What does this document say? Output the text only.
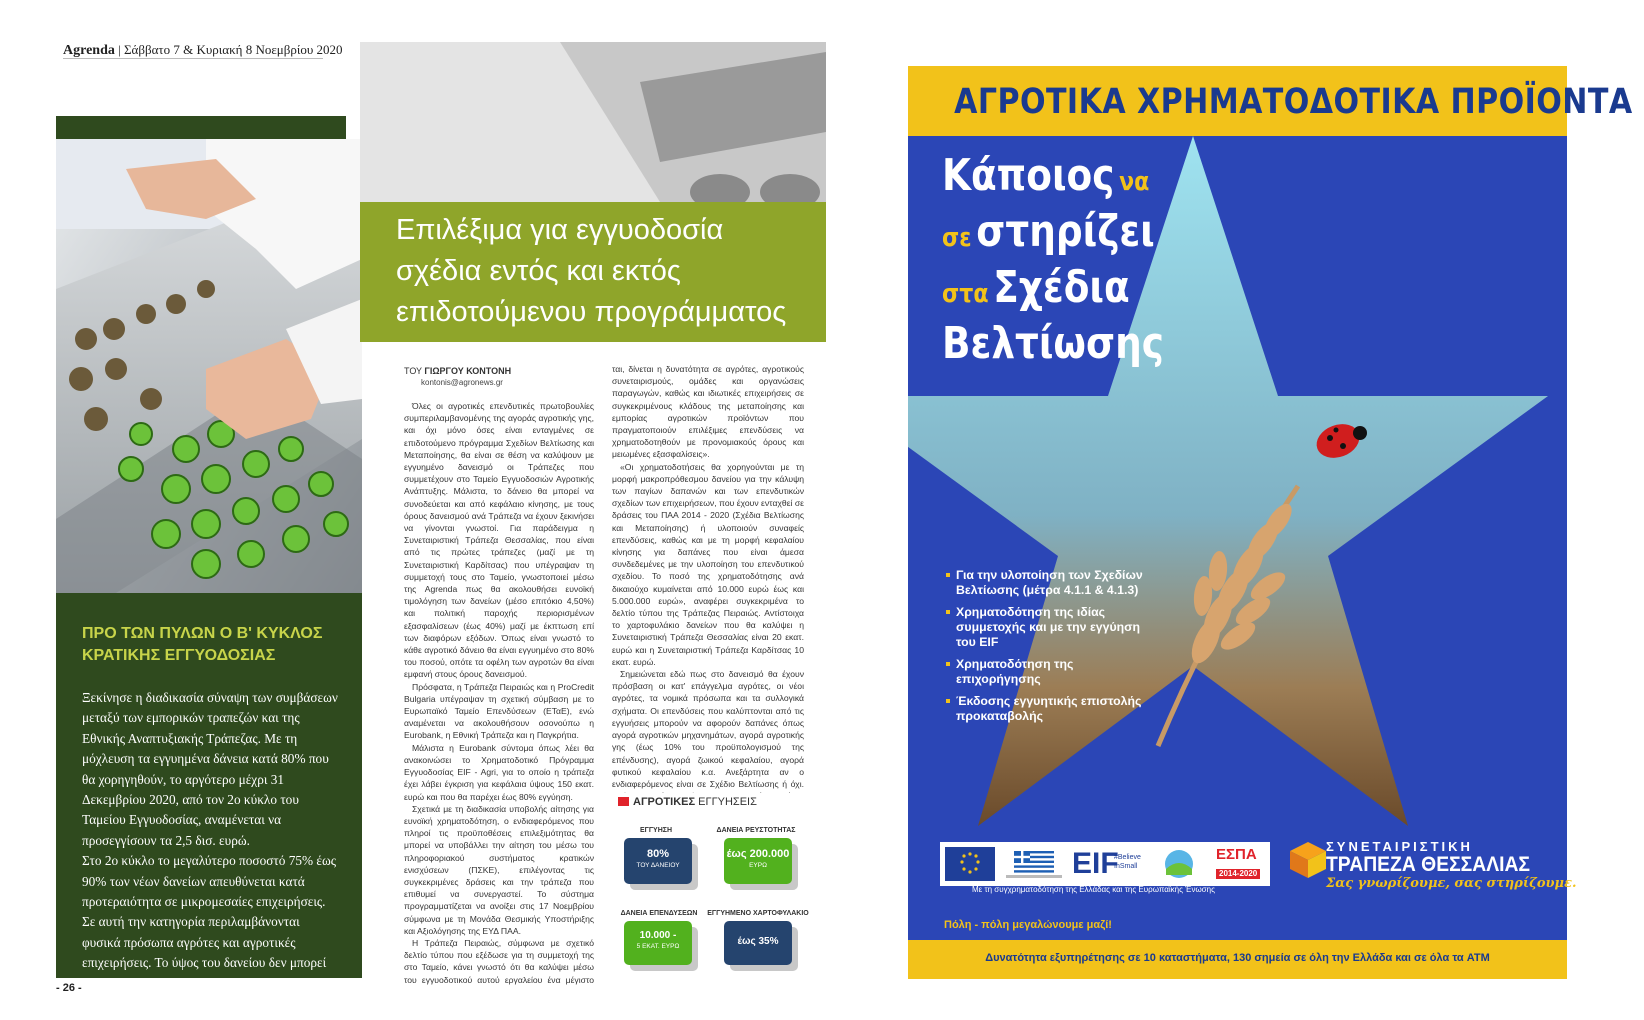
Agrenda | Σάββατο 7 & Κυριακή 8 Νοεμβρίου 2020
ΠΡΟ ΤΩΝ ΠΥΛΩΝ Ο Β' ΚΥΚΛΟΣ
ΚΡΑΤΙΚΗΣ ΕΓΓΥΟΔΟΣΙΑΣ
Ξεκίνησε η διαδικασία σύναψη των συμβάσεων μεταξύ των εμπορικών τραπεζών και της Εθνικής Αναπτυξιακής Τράπεζας. Με τη μόχλευση τα εγγυημένα δάνεια κατά 80% που θα χορηγηθούν, το αργότερο μέχρι 31 Δεκεμβρίου 2020, από τον 2ο κύκλο του Ταμείου Εγγυοδοσίας, αναμένεται να προσεγγίσουν τα 2,5 δισ. ευρώ.
Στο 2ο κύκλο το μεγαλύτερο ποσοστό 75% έως 90% των νέων δανείων απευθύνεται κατά προτεραιότητα σε μικρομεσαίες επιχειρήσεις. Σε αυτή την κατηγορία περιλαμβάνονται φυσικά πρόσωπα αγρότες και αγροτικές επιχειρήσεις. Το ύψος του δανείου δεν μπορεί να ξεπερνά το 25% του τζίρου (του 2019) της επιχείρησης.
- 26 -
Επιλέξιμα για εγγυοδοσία
σχέδια εντός και εκτός
επιδοτούμενου προγράμματος
ΤΟΥ ΓΙΩΡΓΟΥ ΚΟΝΤΟΝΗ
kontonis@agronews.gr

Όλες οι αγροτικές επενδυτικές πρωτοβουλίες συμπεριλαμβανομένης της αγοράς αγροτικής γης, και όχι μόνο όσες είναι ενταγμένες σε επιδοτούμενο πρόγραμμα Σχεδίων Βελτίωσης και Μεταποίησης, θα είναι σε θέση να καλύψουν με εγγυημένο δανεισμό οι Τράπεζες που συμμετέχουν στο Ταμείο Εγγυοδοσιών Αγροτικής Ανάπτυξης. Μάλιστα, το δάνειο θα μπορεί να συνοδεύεται και από κεφάλαιο κίνησης, με τους όρους δανεισμού ανά Τράπεζα να έχουν ξεκινήσει να γίνονται γνωστοί. Για παράδειγμα η Συνεταιριστική Τράπεζα Θεσσαλίας, που είναι από τις πρώτες τράπεζες (μαζί με τη Συνεταιριστική Καρδίτσας) που υπέγραψαν τη συμμετοχή τους στο Ταμείο, γνωστοποιεί μέσω της Agrenda πως θα ακολουθήσει ευνοϊκή τιμολόγηση των δανείων (μέσο επιτόκιο 4,50%) και πολιτική παροχής περιορισμένων εξασφαλίσεων (έως 40%) μαζί με έκπτωση επί των διαφόρων εξόδων. Όπως είναι γνωστό το κάθε αγροτικό δάνειο θα είναι εγγυημένο στο 80% του ποσού, οπότε τα οφέλη των αγροτών θα είναι εμφανή στους όρους δανεισμού.

Πρόσφατα, η Τράπεζα Πειραιώς και η ProCredit Bulgaria υπέγραψαν τη σχετική σύμβαση με το Ευρωπαϊκό Ταμείο Επενδύσεων (ΕΤαΕ), ενώ αναμένεται να ακολουθήσουν οσονούπω η Eurobank, η Εθνική Τράπεζα και η Παγκρήτια.

Μάλιστα η Eurobank σύντομα όπως λέει θα ανακοινώσει το Χρηματοδοτικό Πρόγραμμα Εγγυοδοσίας EIF - Agri, για το οποίο η τράπεζα έχει λάβει έγκριση για κεφάλαια ύψους 150 εκατ. ευρώ και που θα παρέχει έως 80% εγγύηση.

Σχετικά με τη διαδικασία υποβολής αίτησης για ευνοϊκή χρηματοδότηση, ο ενδιαφερόμενος που πληροί τις προϋποθέσεις επιλεξιμότητας θα μπορεί να υποβάλλει την αίτηση του μέσω του πληροφοριακού συστήματος κρατικών ενισχύσεων (ΠΣΚΕ), επιλέγοντας τις συγκεκριμένες δράσεις και την τράπεζα που επιθυμεί να συνεργαστεί. Το σύστημα προγραμματίζεται να ανοίξει στις 17 Νοεμβρίου σύμφωνα με τη Μονάδα Θεσμικής Υποστήριξης και Αξιολόγησης της ΕΥΔ ΠΑΑ.

Η Τράπεζα Πειραιώς, σύμφωνα με σχετικό δελτίο τύπου που εξέδωσε για τη συμμετοχή της στο Ταμείο, κάνει γνωστό ότι θα καλύψει μέσω του εγγυοδοτικού αυτού εργαλείου ένα μέγιστο

ται, δίνεται η δυνατότητα σε αγρότες, αγροτικούς συνεταιρισμούς, ομάδες και οργανώσεις παραγωγών, καθώς και ιδιωτικές επιχειρήσεις σε συγκεκριμένους κλάδους της μεταποίησης και εμπορίας αγροτικών προϊόντων που πραγματοποιούν επιλέξιμες επενδύσεις να χρηματοδοτηθούν με προνομιακούς όρους και μειωμένες εξασφαλίσεις».

«Οι χρηματοδοτήσεις θα χορηγούνται με τη μορφή μακροπρόθεσμου δανείου για την κάλυψη των παγίων δαπανών και των επενδυτικών σχεδίων των επιχειρήσεων, που έχουν ενταχθεί σε δράσεις του ΠΑΑ 2014 - 2020 (Σχέδια Βελτίωσης και Μεταποίησης) ή υλοποιούν συναφείς επενδύσεις, καθώς και με τη μορφή κεφαλαίου κίνησης για δαπάνες που είναι άμεσα συνδεδεμένες με την υλοποίηση του επενδυτικού σχεδίου. Το ποσό της χρηματοδότησης ανά δικαιούχο κυμαίνεται από 10.000 ευρώ έως και 5.000.000 ευρώ», αναφέρει συγκεκριμένα το δελτίο τύπου της Τράπεζας Πειραιώς. Αντίστοιχα το χαρτοφυλάκιο δανείων που θα καλύψει η Συνεταιριστική Τράπεζα Θεσσαλίας είναι 20 εκατ. ευρώ και η Συνεταιριστική Τράπεζα Καρδίτσας 10 εκατ. ευρώ.

Σημειώνεται εδώ πως στο δανεισμό θα έχουν πρόσβαση οι κατ' επάγγελμα αγρότες, οι νέοι αγρότες, τα νομικά πρόσωπα και τα συλλογικά σχήματα. Οι επενδύσεις που καλύπτονται από τις εγγυήσεις μπορούν να αφορούν δαπάνες όπως αγορά αγροτικών μηχανημάτων, αγορά αγροτικής γης (έως 10% του προϋπολογισμού της επένδυσης), αγορά ζωικού κεφαλαίου, αγορά φυτικού κεφαλαίου κ.α. Ανεξάρτητα αν ο ενδιαφερόμενος είναι σε Σχέδιο Βελτίωσης ή όχι.

ΑΓΡΟΤΙΚΕΣ ΕΓΓΥΗΣΕΙΣ
ΕΓΓΥΗΣΗ
80%
ΤΟΥ ΔΑΝΕΙΟΥ
ΔΑΝΕΙΑ ΡΕΥΣΤΟΤΗΤΑΣ
έως 200.000
ΕΥΡΩ
ΔΑΝΕΙΑ ΕΠΕΝΔΥΣΕΩΝ
10.000 -
5 ΕΚΑΤ. ΕΥΡΩ
ΕΓΓΥΗΜΕΝΟ ΧΑΡΤΟΦΥΛΑΚΙΟ
έως 35%
ΑΓΡΟΤΙΚΑ ΧΡΗΜΑΤΟΔΟΤΙΚΑ ΠΡΟΪΟΝΤΑ
Κάποιος να
σε στηρίζει
στα Σχέδια
Βελτίωσης
Για την υλοποίηση των Σχεδίων Βελτίωσης (μέτρα 4.1.1 & 4.1.3)
Χρηματοδότηση της ιδίας συμμετοχής και με την εγγύηση του EIF
Χρηματοδότηση της επιχορήγησης
Έκδοσης εγγυητικής επιστολής προκαταβολής
EIF
#Believe InSmall
ΕΣΠΑ
2014-2020
Με τη συγχρηματοδότηση της Ελλάδας και της Ευρωπαϊκής Ένωσης
ΣΥΝΕΤΑΙΡΙΣΤΙΚΗ
ΤΡΑΠΕΖΑ ΘΕΣΣΑΛΙΑΣ
Σας γνωρίζουμε, σας στηρίζουμε.
Πόλη - πόλη μεγαλώνουμε μαζί!
Δυνατότητα εξυπηρέτησης σε 10 καταστήματα, 130 σημεία σε όλη την Ελλάδα και σε όλα τα ATM
